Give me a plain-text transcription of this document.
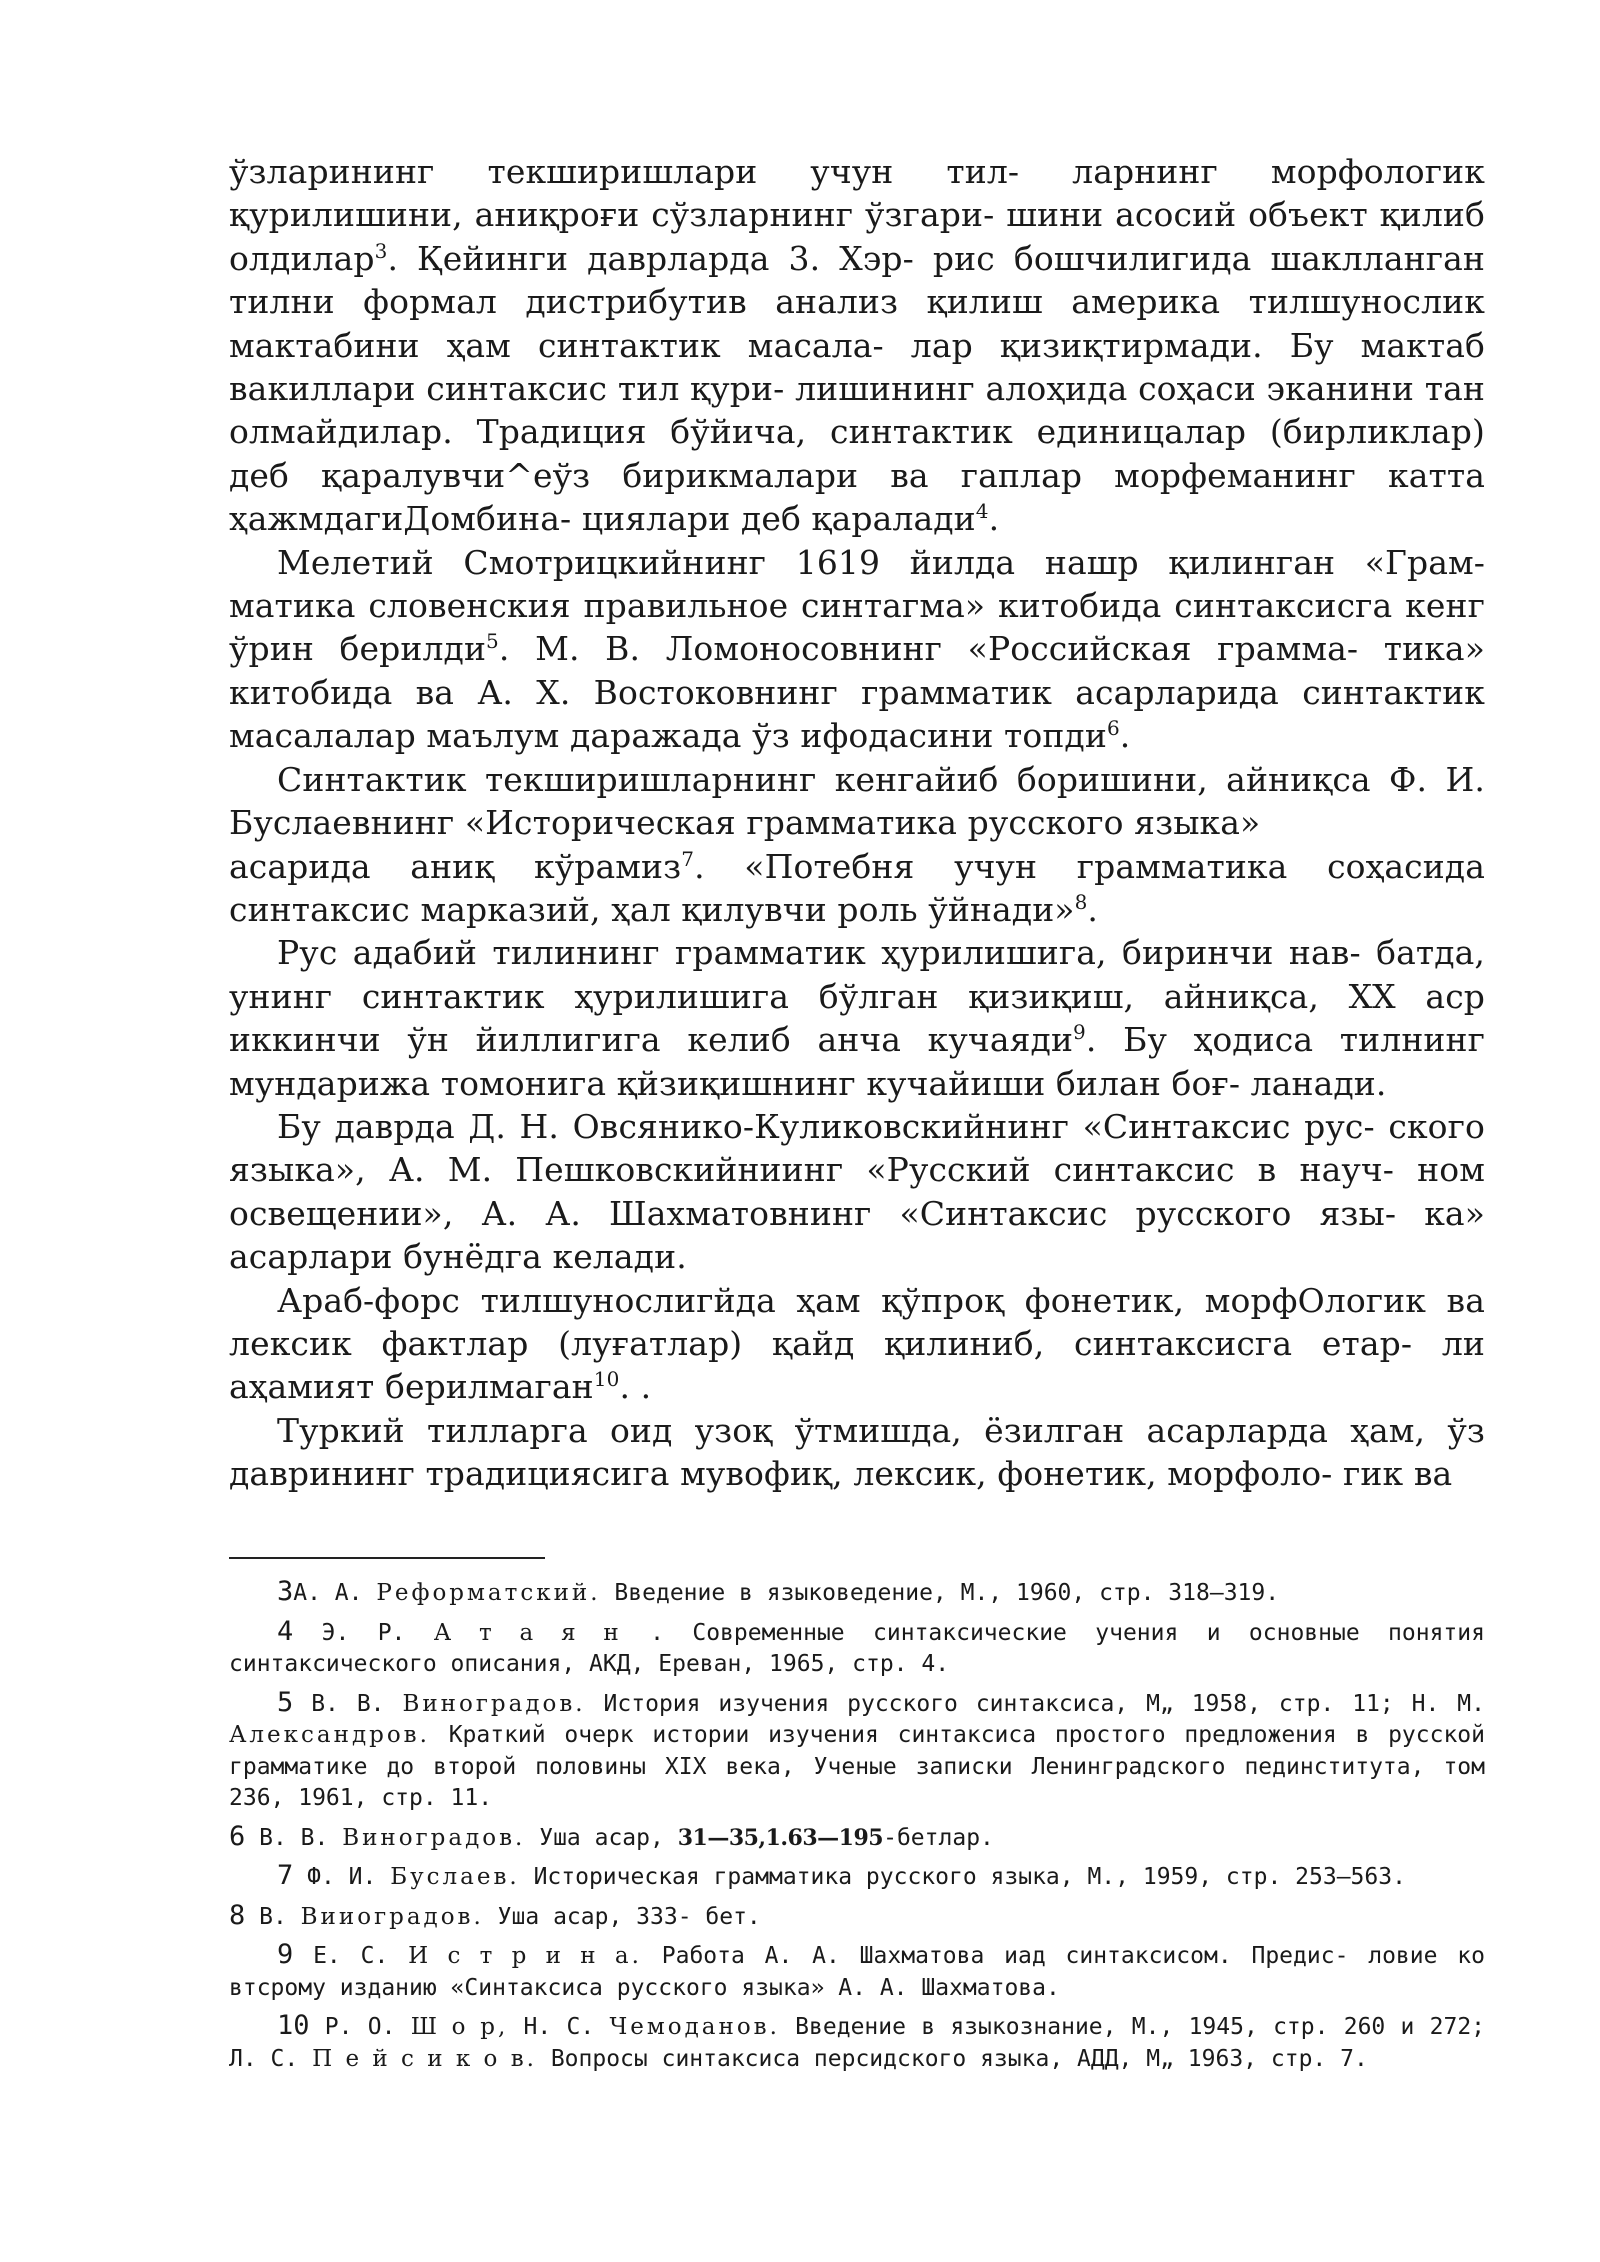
ўзларининг текширишлари учун тил- ларнинг морфологик қурилишини, аниқроғи сўзларнинг ўзгари- шини асосий объект қилиб олдилар$^3$. Қейинги даврларда 3. Хэр- рис бошчилигида шаклланган тилни формал дистрибутив анализ қилиш америка тилшунослик мактабини ҳам синтактик масала- лар қизиқтирмади. Бу мактаб вакиллари синтаксис тил қури- лишининг алоҳида соҳаси эканини тан олмайдилар. Традиция бўйича, синтактик единицалар (бирликлар) деб қаралувчи^еўз бирикмалари ва гаплар морфеманинг катта ҳажмдагиДомбина- циялари деб қаралади$^4$.

Мелетий Смотрицкийнинг 1619 йилда нашр қилинган «Грам- матика словенския правильное синтагма» китобида синтаксисга кенг ўрин берилди$^5$. М. В. Ломоносовнинг «Российская грамма- тика» китобида ва А. X. Востоковнинг грамматик асарларида синтактик масалалар маълум даражада ўз ифодасини топди$^6$.

Синтактик текширишларнинг кенгайиб боришини, айниқса Ф. И. Буслаевнинг «Историческая грамматика русского языка»
асарида аниқ кўрамиз$^7$. «Потебня учун грамматика соҳасида синтаксис марказий, ҳал қилувчи роль ўйнади»$^8$.

Рус адабий тилининг грамматик ҳурилишига, биринчи нав- батда, унинг синтактик ҳурилишига бўлган қизиқиш, айниқса, XX аср иккинчи ўн йиллигига келиб анча кучаяди$^9$. Бу ҳодиса тилнинг мундарижа томонига қйзиқишнинг кучайиши билан боғ- ланади.

Бу даврда Д. Н. Овсянико-Куликовскийнинг «Синтаксис рус- ского языка», А. М. Пешковскийниинг «Русский синтаксис в науч- ном освещении», А. А. Шахматовнинг «Синтаксис русского язы- ка» асарлари бунёдга келади.

Араб-форс тилшунослигйда ҳам қўпроқ фонетик, морфОлогик ва лексик фактлар (луғатлар) қайд қилиниб, синтаксисга етар- ли аҳамият берилмаган$^{10}$. .

Туркий тилларга оид узоқ ўтмишда, ёзилган асарларда ҳам, ўз даврининг традициясига мувофиқ, лексик, фонетик, морфоло- гик ва

3А. А. Реформатский. Введение в языковедение, М., 1960, стр. 318—319.

4 Э. Р. А т а я н . Современные синтаксические учения и основные понятия синтаксического описания, АКД, Ереван, 1965, стр. 4.

5 В. В. Виноградов. История изучения русского синтаксиса, М„ 1958, стр. 11; Н. М. Александров. Краткий очерк истории изучения синтаксиса простого предложения в русской грамматике до второй половины XIX века, Ученые записки Ленинградского пединститута, том 236, 1961, стр. 11.

6 В. В. Виноградов. Уша асар, 31—35,1.63—195-бетлар.

7 Ф. И. Буслаев. Историческая грамматика русского языка, М., 1959, стр. 253—563.

8 В. Вииоградов. Уша асар, 333- бет.

9 Е. С. И с т р и н а. Работа А. А. Шахматова иад синтаксисом. Предис- ловие ко втсрому изданию «Синтаксиса русского языка» А. А. Шахматова.

10 Р. О. Ш о р, Н. С. Чемоданов. Введение в языкознание, М., 1945, стр. 260 и 272; Л. С. П е й с и к о в. Вопросы синтаксиса персидского языка, АДД, М„ 1963, стр. 7.
